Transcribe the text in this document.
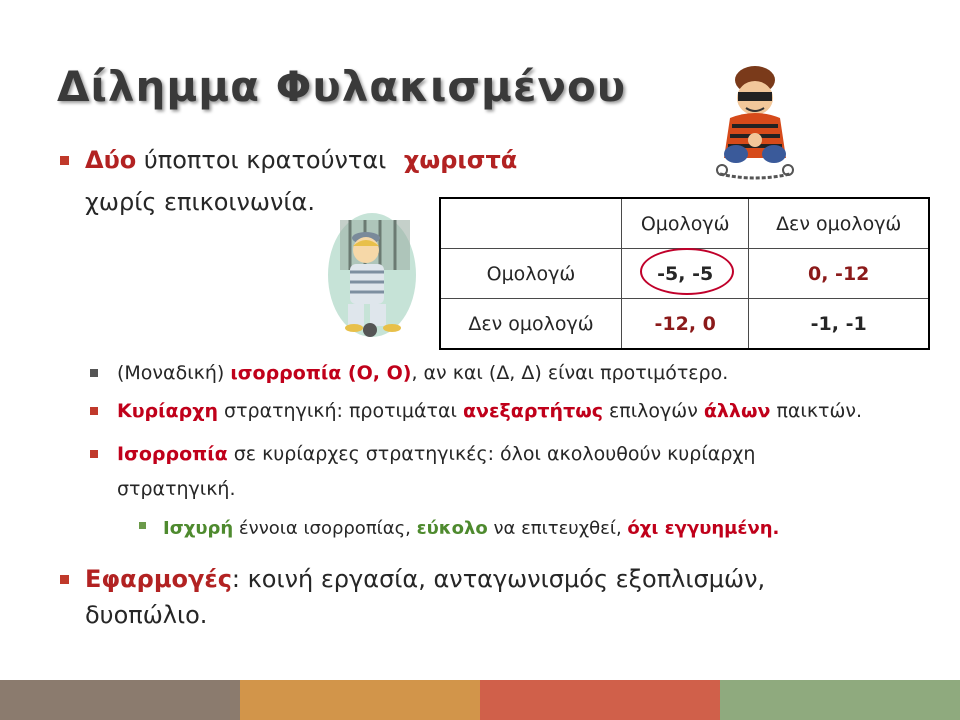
Δίλημμα Φυλακισμένου
Δύο ύποπτοι κρατούνται χωριστά
χωρίς επικοινωνία.
	Ομολογώ	Δεν ομολογώ
Ομολογώ	-5, -5	0, -12
Δεν ομολογώ	-12, 0	-1, -1
(Μοναδική) ισορροπία (Ο, Ο), αν και (Δ, Δ) είναι προτιμότερο.
Κυρίαρχη στρατηγική: προτιμάται ανεξαρτήτως επιλογών άλλων παικτών.
Ισορροπία σε κυρίαρχες στρατηγικές: όλοι ακολουθούν κυρίαρχη
στρατηγική.
Ισχυρή έννοια ισορροπίας, εύκολο να επιτευχθεί, όχι εγγυημένη.
Εφαρμογές: κοινή εργασία, ανταγωνισμός εξοπλισμών,
δυοπώλιο.
